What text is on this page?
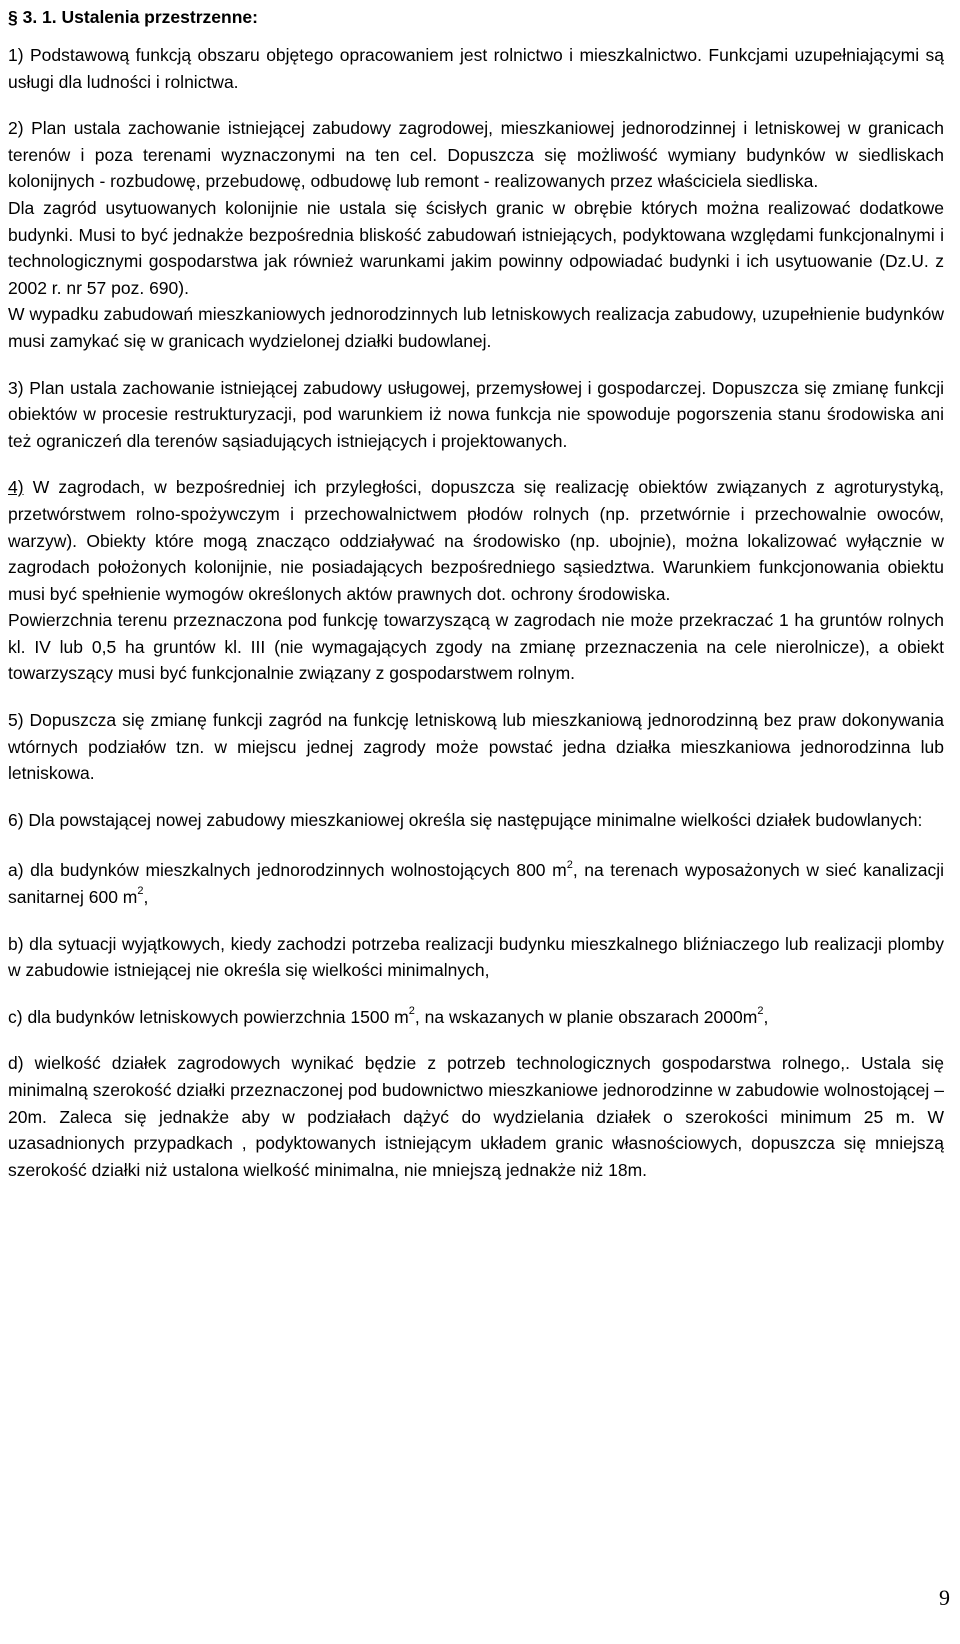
§ 3. 1. Ustalenia przestrzenne:

1) Podstawową funkcją obszaru objętego opracowaniem jest rolnictwo i mieszkalnictwo. Funkcjami uzupełniającymi są usługi dla ludności i rolnictwa.

2) Plan ustala zachowanie istniejącej zabudowy zagrodowej, mieszkaniowej jednorodzinnej i letniskowej w granicach terenów i poza terenami wyznaczonymi na ten cel. Dopuszcza się możliwość wymiany budynków w siedliskach kolonijnych - rozbudowę, przebudowę, odbudowę lub remont - realizowanych przez właściciela siedliska.

Dla zagród usytuowanych kolonijnie nie ustala się ścisłych granic w obrębie których można realizować dodatkowe budynki. Musi to być jednakże bezpośrednia bliskość zabudowań istniejących, podyktowana względami funkcjonalnymi i technologicznymi gospodarstwa jak również warunkami jakim powinny odpowiadać budynki i ich usytuowanie (Dz.U. z 2002 r. nr 57 poz. 690).

W wypadku zabudowań mieszkaniowych jednorodzinnych lub letniskowych realizacja zabudowy, uzupełnienie budynków musi zamykać się w granicach wydzielonej działki budowlanej.

3) Plan ustala zachowanie istniejącej zabudowy usługowej, przemysłowej i gospodarczej. Dopuszcza się zmianę funkcji obiektów w procesie restrukturyzacji, pod warunkiem iż nowa funkcja nie spowoduje pogorszenia stanu środowiska ani też ograniczeń dla terenów sąsiadujących istniejących i projektowanych.

4) W zagrodach, w bezpośredniej ich przyległości, dopuszcza się realizację obiektów związanych z agroturystyką, przetwórstwem rolno-spożywczym i przechowalnictwem płodów rolnych (np. przetwórnie i przechowalnie owoców, warzyw). Obiekty które mogą znacząco oddziaływać na środowisko (np. ubojnie), można lokalizować wyłącznie w zagrodach położonych kolonijnie, nie posiadających bezpośredniego sąsiedztwa. Warunkiem funkcjonowania obiektu musi być spełnienie wymogów określonych aktów prawnych dot. ochrony środowiska.

Powierzchnia terenu przeznaczona pod funkcję towarzyszącą w zagrodach nie może przekraczać 1 ha gruntów rolnych kl. IV lub 0,5 ha gruntów kl. III (nie wymagających zgody na zmianę przeznaczenia na cele nierolnicze), a obiekt towarzyszący musi być funkcjonalnie związany z gospodarstwem rolnym.

5) Dopuszcza się zmianę funkcji zagród na funkcję letniskową lub mieszkaniową jednorodzinną bez praw dokonywania wtórnych podziałów tzn. w miejscu jednej zagrody może powstać jedna działka mieszkaniowa jednorodzinna lub letniskowa.

6) Dla powstającej nowej zabudowy mieszkaniowej określa się następujące minimalne wielkości działek budowlanych:

a) dla budynków mieszkalnych jednorodzinnych wolnostojących 800 $m^2$, na terenach wyposażonych w sieć kanalizacji sanitarnej 600 $m^2$,

b) dla sytuacji wyjątkowych, kiedy zachodzi potrzeba realizacji budynku mieszkalnego bliźniaczego lub realizacji plomby w zabudowie istniejącej nie określa się wielkości minimalnych,

c) dla budynków letniskowych powierzchnia 1500 $m^2$, na wskazanych w planie obszarach $2000m^2$,

d) wielkość działek zagrodowych wynikać będzie z potrzeb technologicznych gospodarstwa rolnego,. Ustala się minimalną szerokość działki przeznaczonej pod budownictwo mieszkaniowe jednorodzinne w zabudowie wolnostojącej – 20m. Zaleca się jednakże aby w podziałach dążyć do wydzielania działek o szerokości minimum 25 m. W uzasadnionych przypadkach , podyktowanych istniejącym układem granic własnościowych, dopuszcza się mniejszą szerokość działki niż ustalona wielkość minimalna, nie mniejszą jednakże niż 18m.

9
